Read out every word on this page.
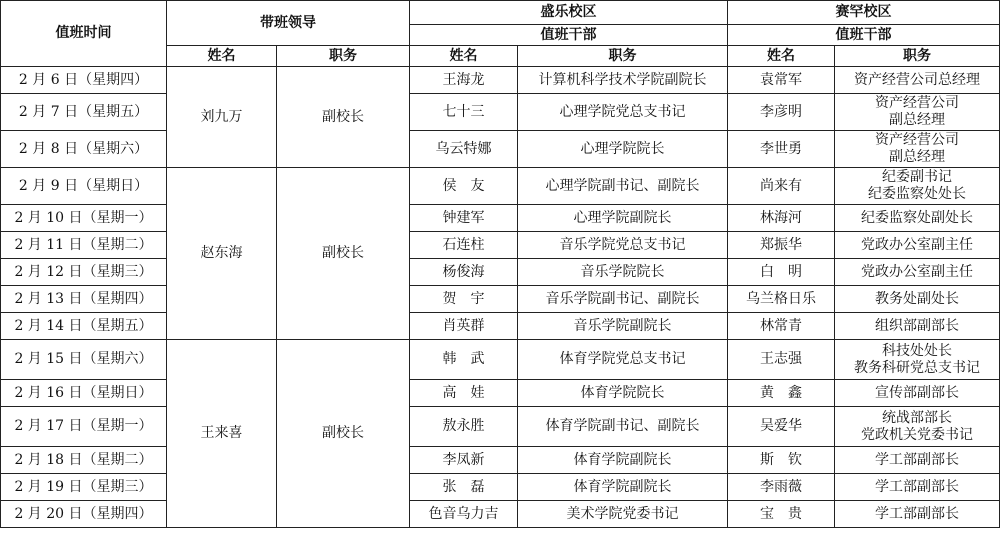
值班时间	带班领导		盛乐校区		赛罕校区	
			值班干部		值班干部	
	姓名	职务	姓名	职务	姓名	职务
2 月 6 日（星期四）	刘九万	副校长	王海龙	计算机科学技术学院副院长	袁常军	资产经营公司总经理
2 月 7 日（星期五）			七十三	心理学院党总支书记	李彦明	资产经营公司
副总经理
2 月 8 日（星期六）			乌云特娜	心理学院院长	李世勇	资产经营公司
副总经理
2 月 9 日（星期日）	赵东海	副校长	侯　友	心理学院副书记、副院长	尚来有	纪委副书记
纪委监察处处长
2 月 10 日（星期一）			钟建军	心理学院副院长	林海河	纪委监察处副处长
2 月 11 日（星期二）			石连柱	音乐学院党总支书记	郑振华	党政办公室副主任
2 月 12 日（星期三）			杨俊海	音乐学院院长	白　明	党政办公室副主任
2 月 13 日（星期四）			贺　宇	音乐学院副书记、副院长	乌兰格日乐	教务处副处长
2 月 14 日（星期五）			肖英群	音乐学院副院长	林常青	组织部副部长
2 月 15 日（星期六）	王来喜	副校长	韩　武	体育学院党总支书记	王志强	科技处处长
教务科研党总支书记
2 月 16 日（星期日）			高　娃	体育学院院长	黄　鑫	宣传部副部长
2 月 17 日（星期一）			敖永胜	体育学院副书记、副院长	吴爱华	统战部部长
党政机关党委书记
2 月 18 日（星期二）			李凤新	体育学院副院长	斯　钦	学工部副部长
2 月 19 日（星期三）			张　磊	体育学院副院长	李雨薇	学工部副部长
2 月 20 日（星期四）			色音乌力吉	美术学院党委书记	宝　贵	学工部副部长
